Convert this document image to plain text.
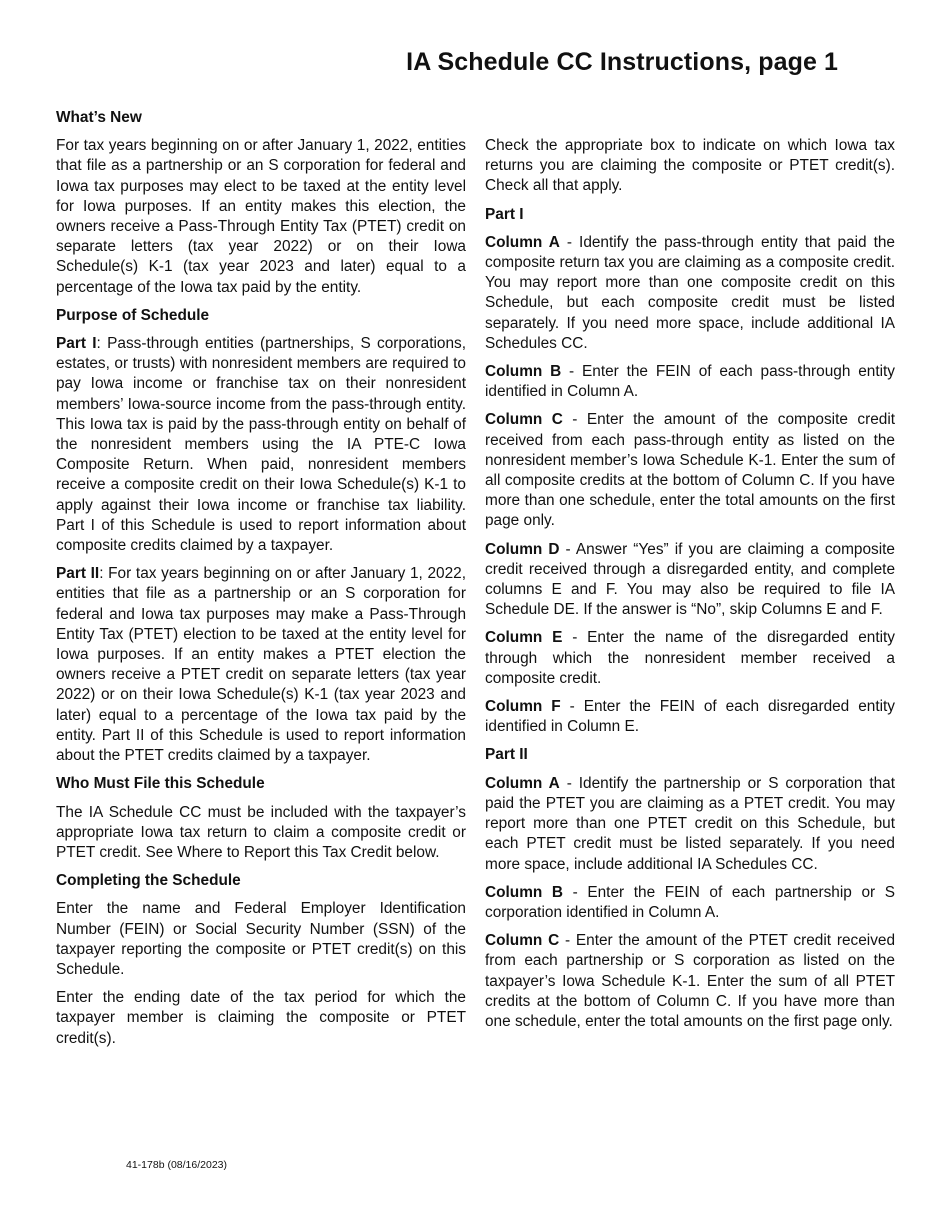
IA Schedule CC Instructions, page 1
What’s New

For tax years beginning on or after January 1, 2022, entities that file as a partnership or an S corporation for federal and Iowa tax purposes may elect to be taxed at the entity level for Iowa purposes. If an entity makes this election, the owners receive a Pass-Through Entity Tax (PTET) credit on separate letters (tax year 2022) or on their Iowa Schedule(s) K-1 (tax year 2023 and later) equal to a percentage of the Iowa tax paid by the entity.

Purpose of Schedule

Part I: Pass-through entities (partnerships, S corporations, estates, or trusts) with nonresident members are required to pay Iowa income or franchise tax on their nonresident members’ Iowa-source income from the pass-through entity. This Iowa tax is paid by the pass-through entity on behalf of the nonresident members using the IA PTE-C Iowa Composite Return. When paid, nonresident members receive a composite credit on their Iowa Schedule(s) K-1 to apply against their Iowa income or franchise tax liability. Part I of this Schedule is used to report information about composite credits claimed by a taxpayer.

Part II: For tax years beginning on or after January 1, 2022, entities that file as a partnership or an S corporation for federal and Iowa tax purposes may make a Pass-Through Entity Tax (PTET) election to be taxed at the entity level for Iowa purposes. If an entity makes a PTET election the owners receive a PTET credit on separate letters (tax year 2022) or on their Iowa Schedule(s) K-1 (tax year 2023 and later) equal to a percentage of the Iowa tax paid by the entity. Part II of this Schedule is used to report information about the PTET credits claimed by a taxpayer.

Who Must File this Schedule

The IA Schedule CC must be included with the taxpayer’s appropriate Iowa tax return to claim a composite credit or PTET credit. See Where to Report this Tax Credit below.

Completing the Schedule

Enter the name and Federal Employer Identification Number (FEIN) or Social Security Number (SSN) of the taxpayer reporting the composite or PTET credit(s) on this Schedule.

Enter the ending date of the tax period for which the taxpayer member is claiming the composite or PTET credit(s).

Check the appropriate box to indicate on which Iowa tax returns you are claiming the composite or PTET credit(s). Check all that apply.

Part I

Column A - Identify the pass-through entity that paid the composite return tax you are claiming as a composite credit. You may report more than one composite credit on this Schedule, but each composite credit must be listed separately. If you need more space, include additional IA Schedules CC.

Column B - Enter the FEIN of each pass-through entity identified in Column A.

Column C - Enter the amount of the composite credit received from each pass-through entity as listed on the nonresident member’s Iowa Schedule K-1. Enter the sum of all composite credits at the bottom of Column C. If you have more than one schedule, enter the total amounts on the first page only.

Column D - Answer “Yes” if you are claiming a composite credit received through a disregarded entity, and complete columns E and F. You may also be required to file IA Schedule DE. If the answer is “No”, skip Columns E and F.

Column E - Enter the name of the disregarded entity through which the nonresident member received a composite credit.

Column F - Enter the FEIN of each disregarded entity identified in Column E.

Part II

Column A - Identify the partnership or S corporation that paid the PTET you are claiming as a PTET credit. You may report more than one PTET credit on this Schedule, but each PTET credit must be listed separately. If you need more space, include additional IA Schedules CC.

Column B - Enter the FEIN of each partnership or S corporation identified in Column A.

Column C - Enter the amount of the PTET credit received from each partnership or S corporation as listed on the taxpayer’s Iowa Schedule K-1. Enter the sum of all PTET credits at the bottom of Column C. If you have more than one schedule, enter the total amounts on the first page only.

41-178b (08/16/2023)
